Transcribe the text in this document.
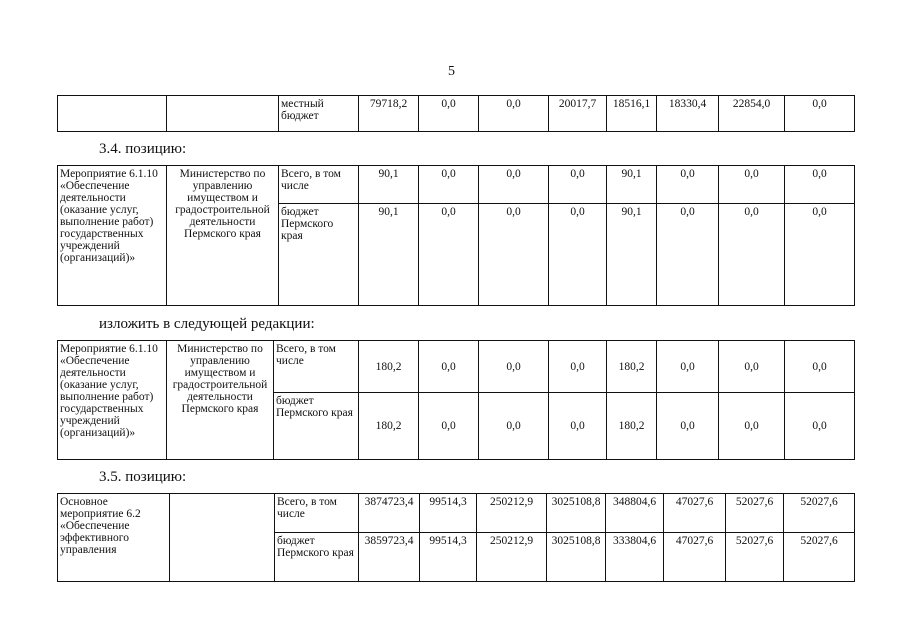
5
		местный бюджет	79718,2	0,0	0,0	20017,7	18516,1	18330,4	22854,0	0,0
3.4. позицию:
Мероприятие 6.1.10 «Обеспечение деятельности (оказание услуг, выполнение работ) государственных учреждений (организаций)»	Министерство по управлению имуществом и градостроительной деятельности Пермского края	Всего, в том числе	90,1	0,0	0,0	0,0	90,1	0,0	0,0	0,0
		бюджет Пермского края	90,1	0,0	0,0	0,0	90,1	0,0	0,0	0,0
изложить в следующей редакции:
Мероприятие 6.1.10 «Обеспечение деятельности (оказание услуг, выполнение работ) государственных учреждений (организаций)»	Министерство по управлению имуществом и градостроительной деятельности Пермского края	Всего, в том числе	180,2	0,0	0,0	0,0	180,2	0,0	0,0	0,0
		бюджет Пермского края	180,2	0,0	0,0	0,0	180,2	0,0	0,0	0,0
3.5. позицию:
Основное мероприятие 6.2 «Обеспечение эффективного управления		Всего, в том числе	3874723,4	99514,3	250212,9	3025108,8	348804,6	47027,6	52027,6	52027,6
		бюджет Пермского края	3859723,4	99514,3	250212,9	3025108,8	333804,6	47027,6	52027,6	52027,6
